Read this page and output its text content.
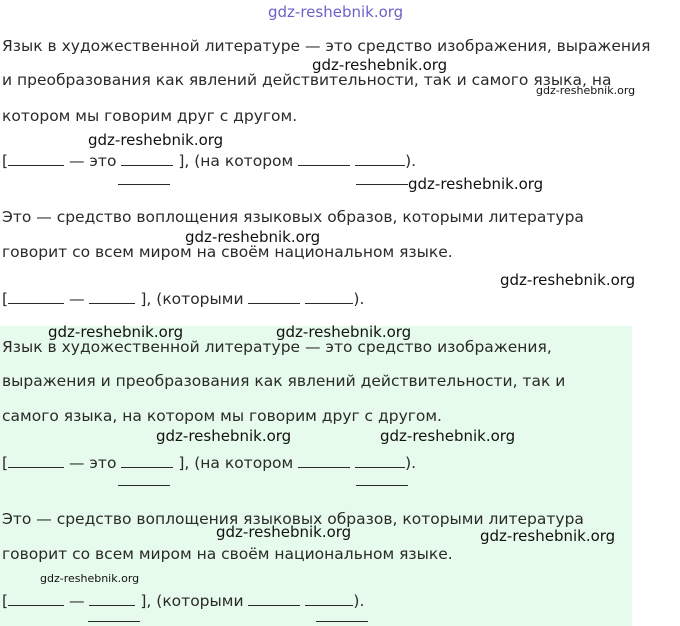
gdz-reshebnik.org
Язык в художественной литературе — это средство изображения, выражения
и преобразования как явлений действительности, так и самого языка, на
котором мы говорим друг с другом.
[	— это	], (на котором	).
Это — средство воплощения языковых образов, которыми литература
говорит со всем миром на своём национальном языке.
[	—	], (которыми	).
Язык в художественной литературе — это средство изображения,
выражения и преобразования как явлений действительности, так и
самого языка, на котором мы говорим друг с другом.
[	— это	], (на котором	).
Это — средство воплощения языковых образов, которыми литература
говорит со всем миром на своём национальном языке.
[	—	], (которыми	).
gdz-reshebnik.org
gdz-reshebnik.org
gdz-reshebnik.org
gdz-reshebnik.org
gdz-reshebnik.org
gdz-reshebnik.org
gdz-reshebnik.org	gdz-reshebnik.org
gdz-reshebnik.org	gdz-reshebnik.org
gdz-reshebnik.org	gdz-reshebnik.org
gdz-reshebnik.org
